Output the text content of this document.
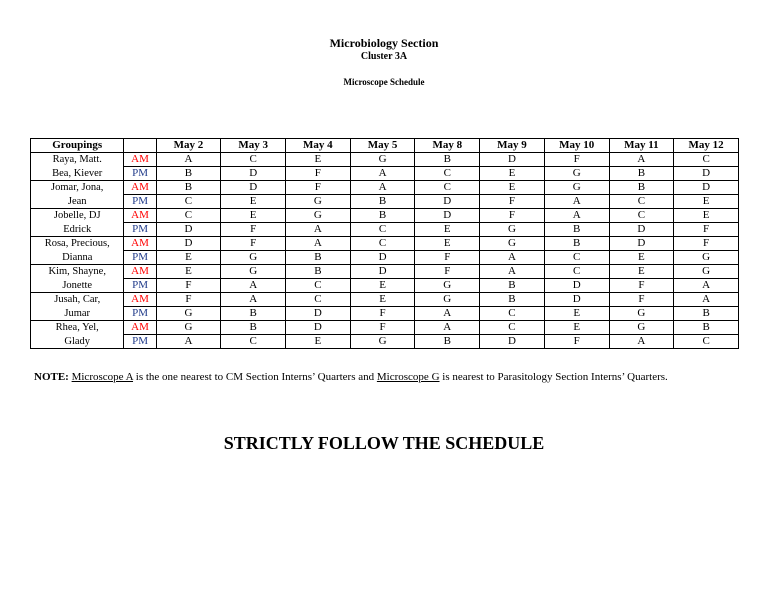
Microbiology Section
Cluster 3A
Microscope Schedule
Groupings		May 2	May 3	May 4	May 5	May 8	May 9	May 10	May 11	May 12
Raya, Matt.	AM	A	C	E	G	B	D	F	A	C
Bea, Kiever	PM	B	D	F	A	C	E	G	B	D
Jomar, Jona,	AM	B	D	F	A	C	E	G	B	D
Jean	PM	C	E	G	B	D	F	A	C	E
Jobelle, DJ	AM	C	E	G	B	D	F	A	C	E
Edrick	PM	D	F	A	C	E	G	B	D	F
Rosa, Precious,	AM	D	F	A	C	E	G	B	D	F
Dianna	PM	E	G	B	D	F	A	C	E	G
Kim, Shayne,	AM	E	G	B	D	F	A	C	E	G
Jonette	PM	F	A	C	E	G	B	D	F	A
Jusah, Car,	AM	F	A	C	E	G	B	D	F	A
Jumar	PM	G	B	D	F	A	C	E	G	B
Rhea, Yel,	AM	G	B	D	F	A	C	E	G	B
Glady	PM	A	C	E	G	B	D	F	A	C
NOTE: Microscope A is the one nearest to CM Section Interns’ Quarters and Microscope G is nearest to Parasitology Section Interns’ Quarters.
STRICTLY FOLLOW THE SCHEDULE
